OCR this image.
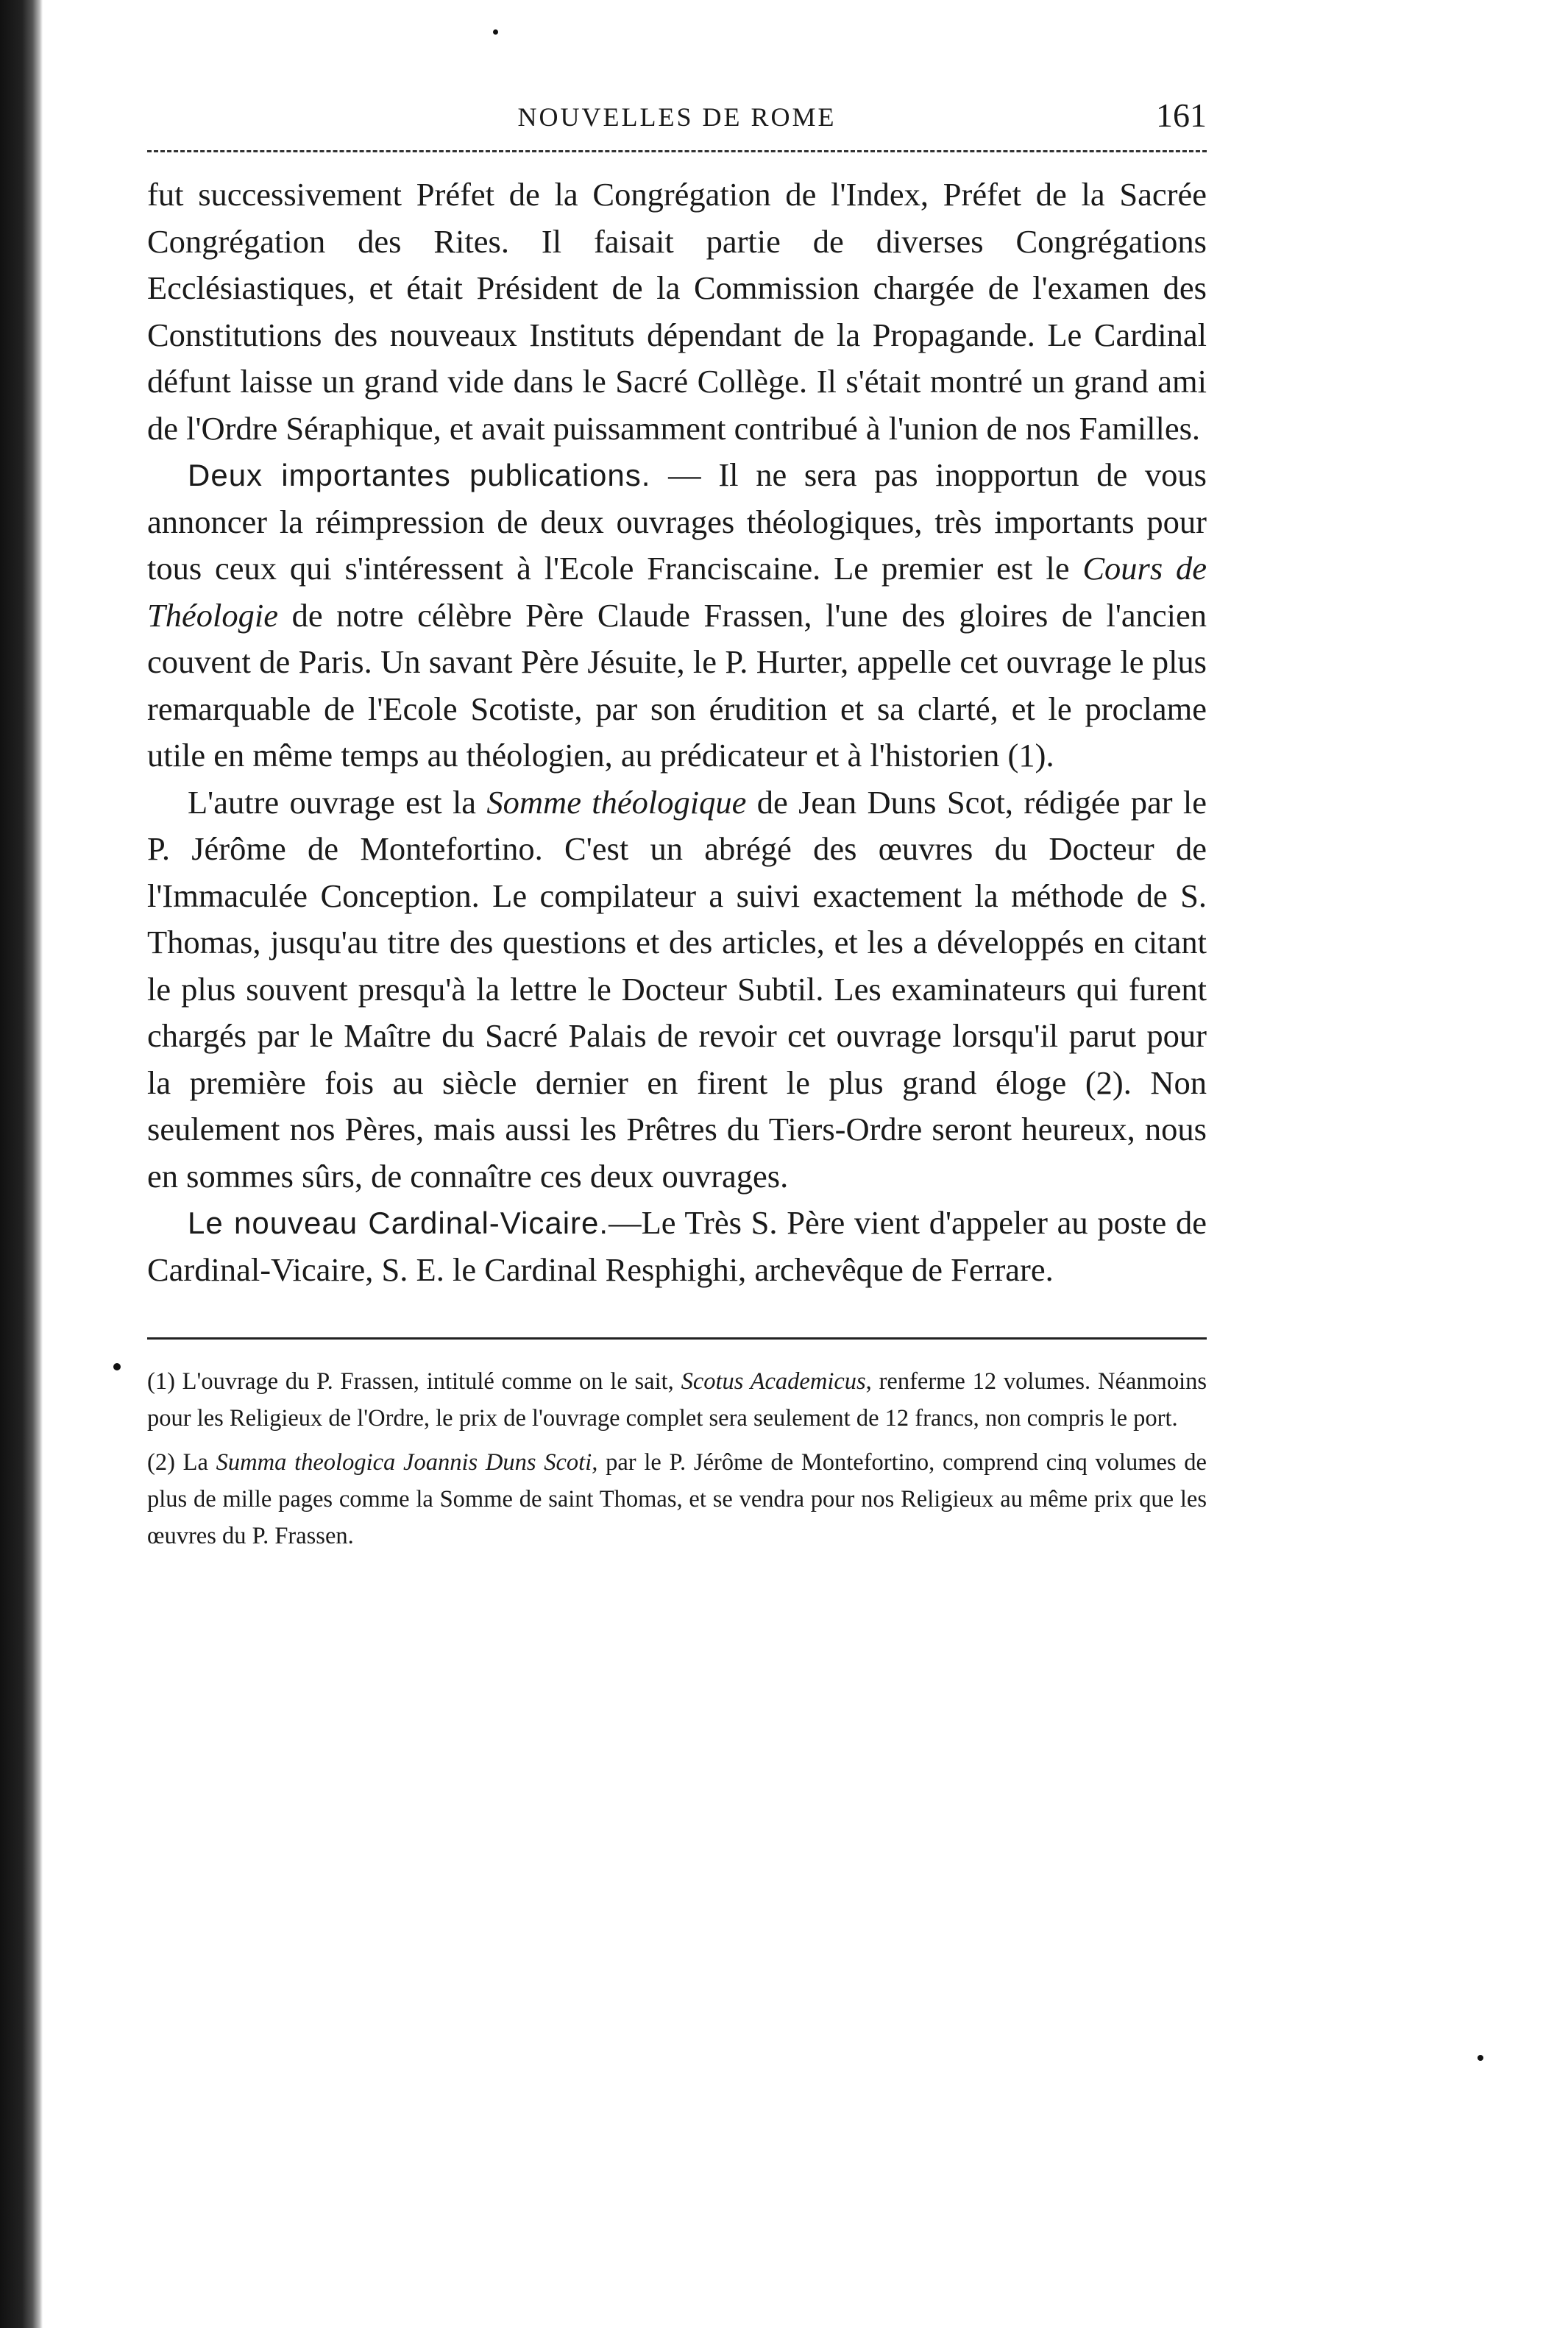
NOUVELLES DE ROME	161

fut successivement Préfet de la Congrégation de l'Index, Préfet de la Sacrée Congrégation des Rites. Il faisait partie de diverses Congrégations Ecclésiastiques, et était Président de la Commission chargée de l'examen des Constitutions des nouveaux Instituts dépendant de la Propagande. Le Cardinal défunt laisse un grand vide dans le Sacré Collège. Il s'était montré un grand ami de l'Ordre Séraphique, et avait puissamment contribué à l'union de nos Familles.

Deux importantes publications. — Il ne sera pas inopportun de vous annoncer la réimpression de deux ouvrages théologiques, très importants pour tous ceux qui s'intéressent à l'Ecole Franciscaine. Le premier est le Cours de Théologie de notre célèbre Père Claude Frassen, l'une des gloires de l'ancien couvent de Paris. Un savant Père Jésuite, le P. Hurter, appelle cet ouvrage le plus remarquable de l'Ecole Scotiste, par son érudition et sa clarté, et le proclame utile en même temps au théologien, au prédicateur et à l'historien (1).

L'autre ouvrage est la Somme théologique de Jean Duns Scot, rédigée par le P. Jérôme de Montefortino. C'est un abrégé des œuvres du Docteur de l'Immaculée Conception. Le compilateur a suivi exactement la méthode de S. Thomas, jusqu'au titre des questions et des articles, et les a développés en citant le plus souvent presqu'à la lettre le Docteur Subtil. Les examinateurs qui furent chargés par le Maître du Sacré Palais de revoir cet ouvrage lorsqu'il parut pour la première fois au siècle dernier en firent le plus grand éloge (2). Non seulement nos Pères, mais aussi les Prêtres du Tiers-Ordre seront heureux, nous en sommes sûrs, de connaître ces deux ouvrages.

Le nouveau Cardinal-Vicaire.—Le Très S. Père vient d'appeler au poste de Cardinal-Vicaire, S. E. le Cardinal Resphighi, archevêque de Ferrare.

(1) L'ouvrage du P. Frassen, intitulé comme on le sait, Scotus Academicus, renferme 12 volumes. Néanmoins pour les Religieux de l'Ordre, le prix de l'ouvrage complet sera seulement de 12 francs, non compris le port.

(2) La Summa theologica Joannis Duns Scoti, par le P. Jérôme de Montefortino, comprend cinq volumes de plus de mille pages comme la Somme de saint Thomas, et se vendra pour nos Religieux au même prix que les œuvres du P. Frassen.
